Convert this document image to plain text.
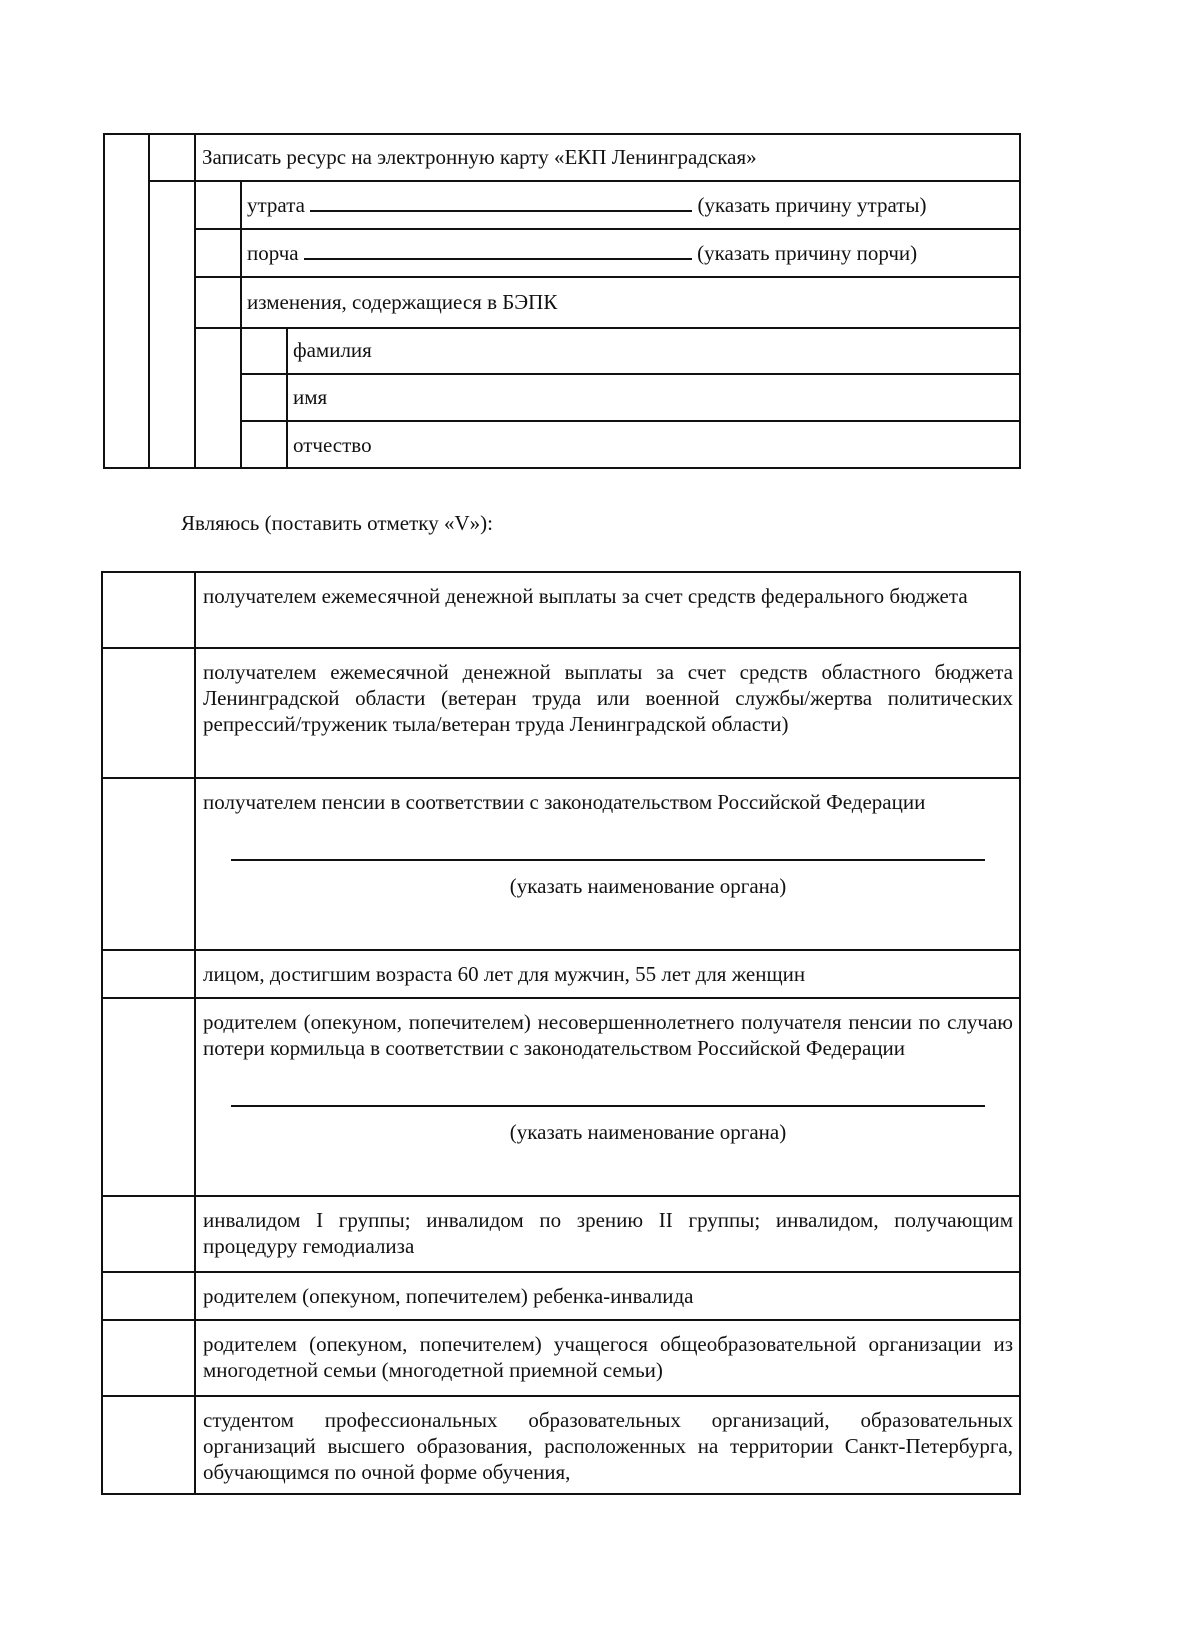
Записать ресурс на электронную карту «ЕКП Ленинградская»
утрата	(указать причину утраты)
порча	(указать причину порчи)
изменения, содержащиеся в БЭПК
фамилия
имя
отчество
Являюсь (поставить отметку «V»):
	получателем ежемесячной денежной выплаты за счет средств федерального бюджета
	получателем ежемесячной денежной выплаты за счет средств областного бюджета Ленинградской области (ветеран труда или военной службы/жертва политических репрессий/труженик тыла/ветеран труда Ленинградской области)

	получателем пенсии в соответствии с законодательством Российской Федерации
(указать наименование органа)

	лицом, достигшим возраста 60 лет для мужчин, 55 лет для женщин

	родителем (опекуном, попечителем) несовершеннолетнего получателя пенсии по случаю потери кормильца в соответствии с законодательством Российской Федерации
(указать наименование органа)

	инвалидом I группы; инвалидом по зрению II группы; инвалидом, получающим процедуру гемодиализа
	родителем (опекуном, попечителем) ребенка-инвалида
	родителем (опекуном, попечителем) учащегося общеобразовательной организации из многодетной семьи (многодетной приемной семьи)
	студентом профессиональных образовательных организаций, образовательных организаций высшего образования, расположенных на территории Санкт-Петербурга, обучающимся по очной форме обучения,
